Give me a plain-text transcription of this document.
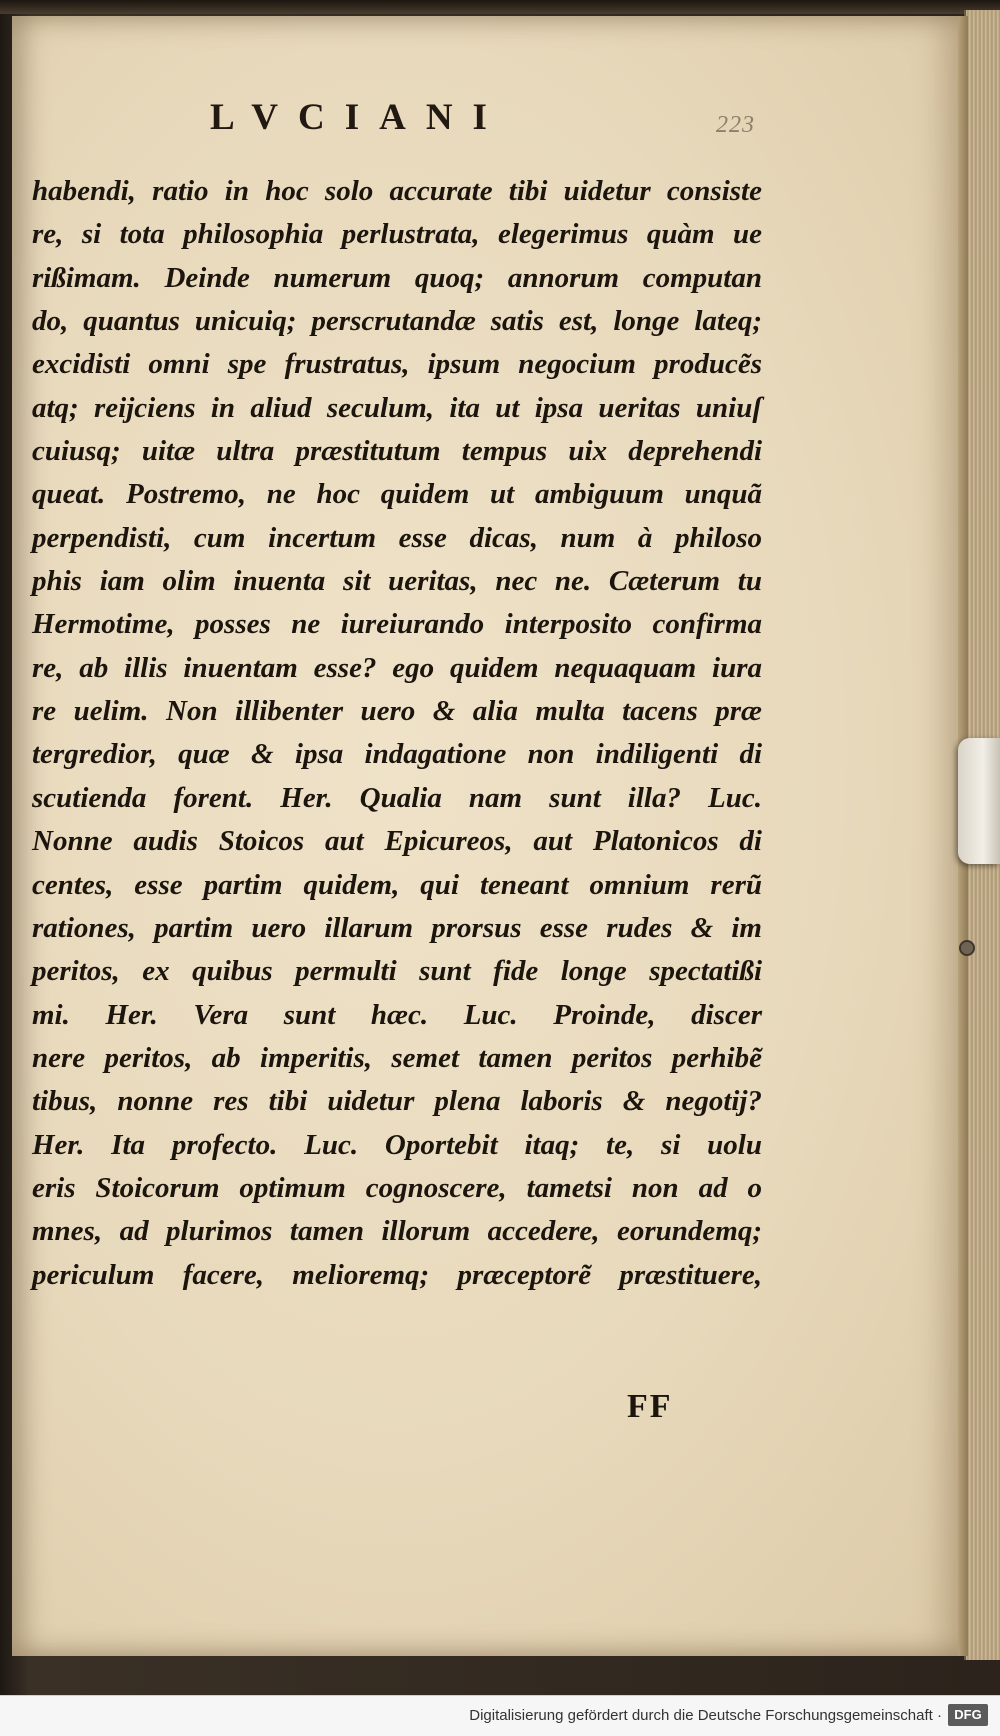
LVCIANI	223
habendi, ratio in hoc solo accurate tibi uidetur consiste
re, si tota philosophia perlustrata, elegerimus quàm ue
rißimam. Deinde numerum quoq; annorum computan
do, quantus unicuiq; perscrutandæ satis est, longe lateq;
excidisti omni spe frustratus, ipsum negocium producẽs
atq; reijciens in aliud seculum, ita ut ipsa ueritas uniuſ
cuiusq; uitæ ultra præstitutum tempus uix deprehendi
queat. Postremo, ne hoc quidem ut ambiguum unquã
perpendisti, cum incertum esse dicas, num à philoso
phis iam olim inuenta sit ueritas, nec ne. Cæterum tu
Hermotime, posses ne iureiurando interposito confirma
re, ab illis inuentam esse? ego quidem nequaquam iura
re uelim. Non illibenter uero & alia multa tacens præ
tergredior, quæ & ipsa indagatione non indiligenti di
scutienda forent. Her. Qualia nam sunt illa? Luc.
Nonne audis Stoicos aut Epicureos, aut Platonicos di
centes, esse partim quidem, qui teneant omnium rerũ
rationes, partim uero illarum prorsus esse rudes & im
peritos, ex quibus permulti sunt fide longe spectatißi
mi. Her. Vera sunt hæc. Luc. Proinde, discer
nere peritos, ab imperitis, semet tamen peritos perhibẽ
tibus, nonne res tibi uidetur plena laboris & negotij?
Her. Ita profecto. Luc. Oportebit itaq; te, si uolu
eris Stoicorum optimum cognoscere, tametsi non ad o
mnes, ad plurimos tamen illorum accedere, eorundemq;
periculum facere, melioremq; præceptorẽ præstituere,
FF
Digitalisierung gefördert durch die Deutsche Forschungsgemeinschaft · DFG
